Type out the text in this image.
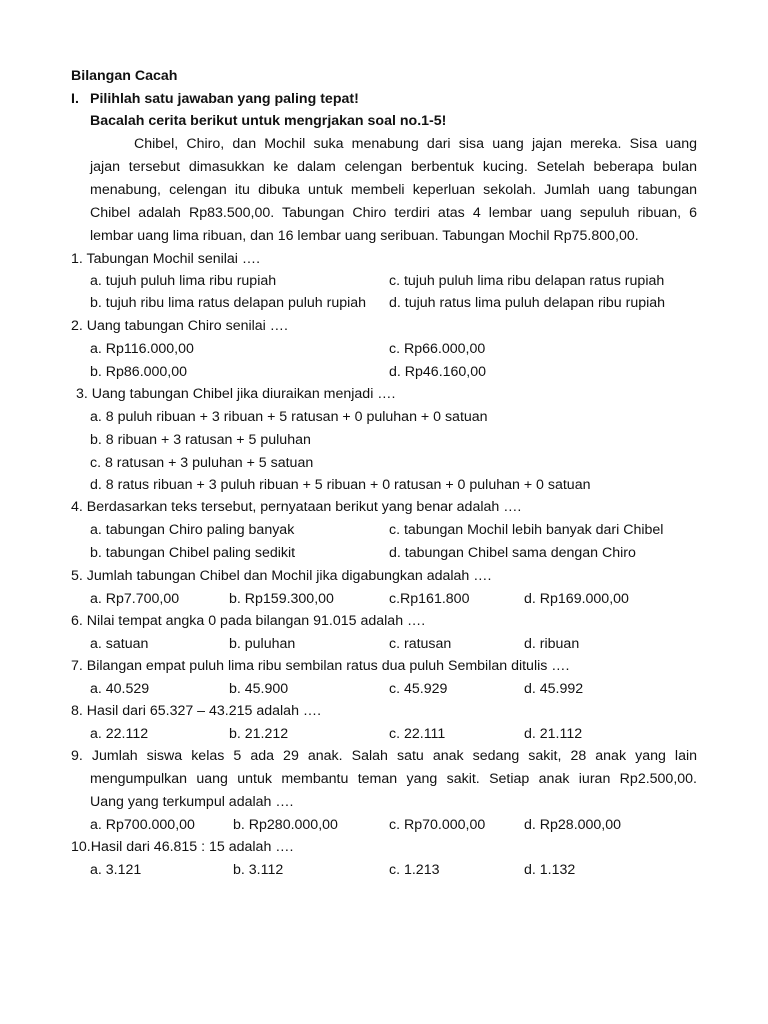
Bilangan Cacah
I. Pilihlah satu jawaban yang paling tepat!
Bacalah cerita berikut untuk mengrjakan soal no.1-5!
Chibel, Chiro, dan Mochil suka menabung dari sisa uang jajan mereka. Sisa uang
jajan tersebut dimasukkan ke dalam celengan berbentuk kucing. Setelah beberapa bulan
menabung, celengan itu dibuka untuk membeli keperluan sekolah. Jumlah uang tabungan
Chibel adalah Rp83.500,00. Tabungan Chiro terdiri atas 4 lembar uang sepuluh ribuan, 6
lembar uang lima ribuan, dan 16 lembar uang seribuan. Tabungan Mochil Rp75.800,00.
1. Tabungan Mochil senilai ….
a. tujuh puluh lima ribu rupiah	c. tujuh puluh lima ribu delapan ratus rupiah
b. tujuh ribu lima ratus delapan puluh rupiah d. tujuh ratus lima puluh delapan ribu rupiah
2. Uang tabungan Chiro senilai ….
a. Rp116.000,00	c. Rp66.000,00
b. Rp86.000,00	d. Rp46.160,00
3. Uang tabungan Chibel jika diuraikan menjadi ….
a. 8 puluh ribuan + 3 ribuan + 5 ratusan + 0 puluhan + 0 satuan
b. 8 ribuan + 3 ratusan + 5 puluhan
c. 8 ratusan + 3 puluhan + 5 satuan
d. 8 ratus ribuan + 3 puluh ribuan + 5 ribuan + 0 ratusan + 0 puluhan + 0 satuan
4. Berdasarkan teks tersebut, pernyataan berikut yang benar adalah ….
a. tabungan Chiro paling banyak	c. tabungan Mochil lebih banyak dari Chibel
b. tabungan Chibel paling sedikit	d. tabungan Chibel sama dengan Chiro
5. Jumlah tabungan Chibel dan Mochil jika digabungkan adalah ….
a. Rp7.700,00	b. Rp159.300,00	c.Rp161.800	d. Rp169.000,00
6. Nilai tempat angka 0 pada bilangan 91.015 adalah ….
a. satuan	b. puluhan	c. ratusan	d. ribuan
7. Bilangan empat puluh lima ribu sembilan ratus dua puluh Sembilan ditulis ….
a. 40.529	b. 45.900	c. 45.929	d. 45.992
8. Hasil dari 65.327 – 43.215 adalah ….
a. 22.112	b. 21.212	c. 22.111	d. 21.112
9. Jumlah siswa kelas 5 ada 29 anak. Salah satu anak sedang sakit, 28 anak yang lain
mengumpulkan uang untuk membantu teman yang sakit. Setiap anak iuran Rp2.500,00.
Uang yang terkumpul adalah ….
a. Rp700.000,00	b. Rp280.000,00	c. Rp70.000,00	d. Rp28.000,00
10.Hasil dari 46.815 : 15 adalah ….
a. 3.121	b. 3.112	c. 1.213	d. 1.132
